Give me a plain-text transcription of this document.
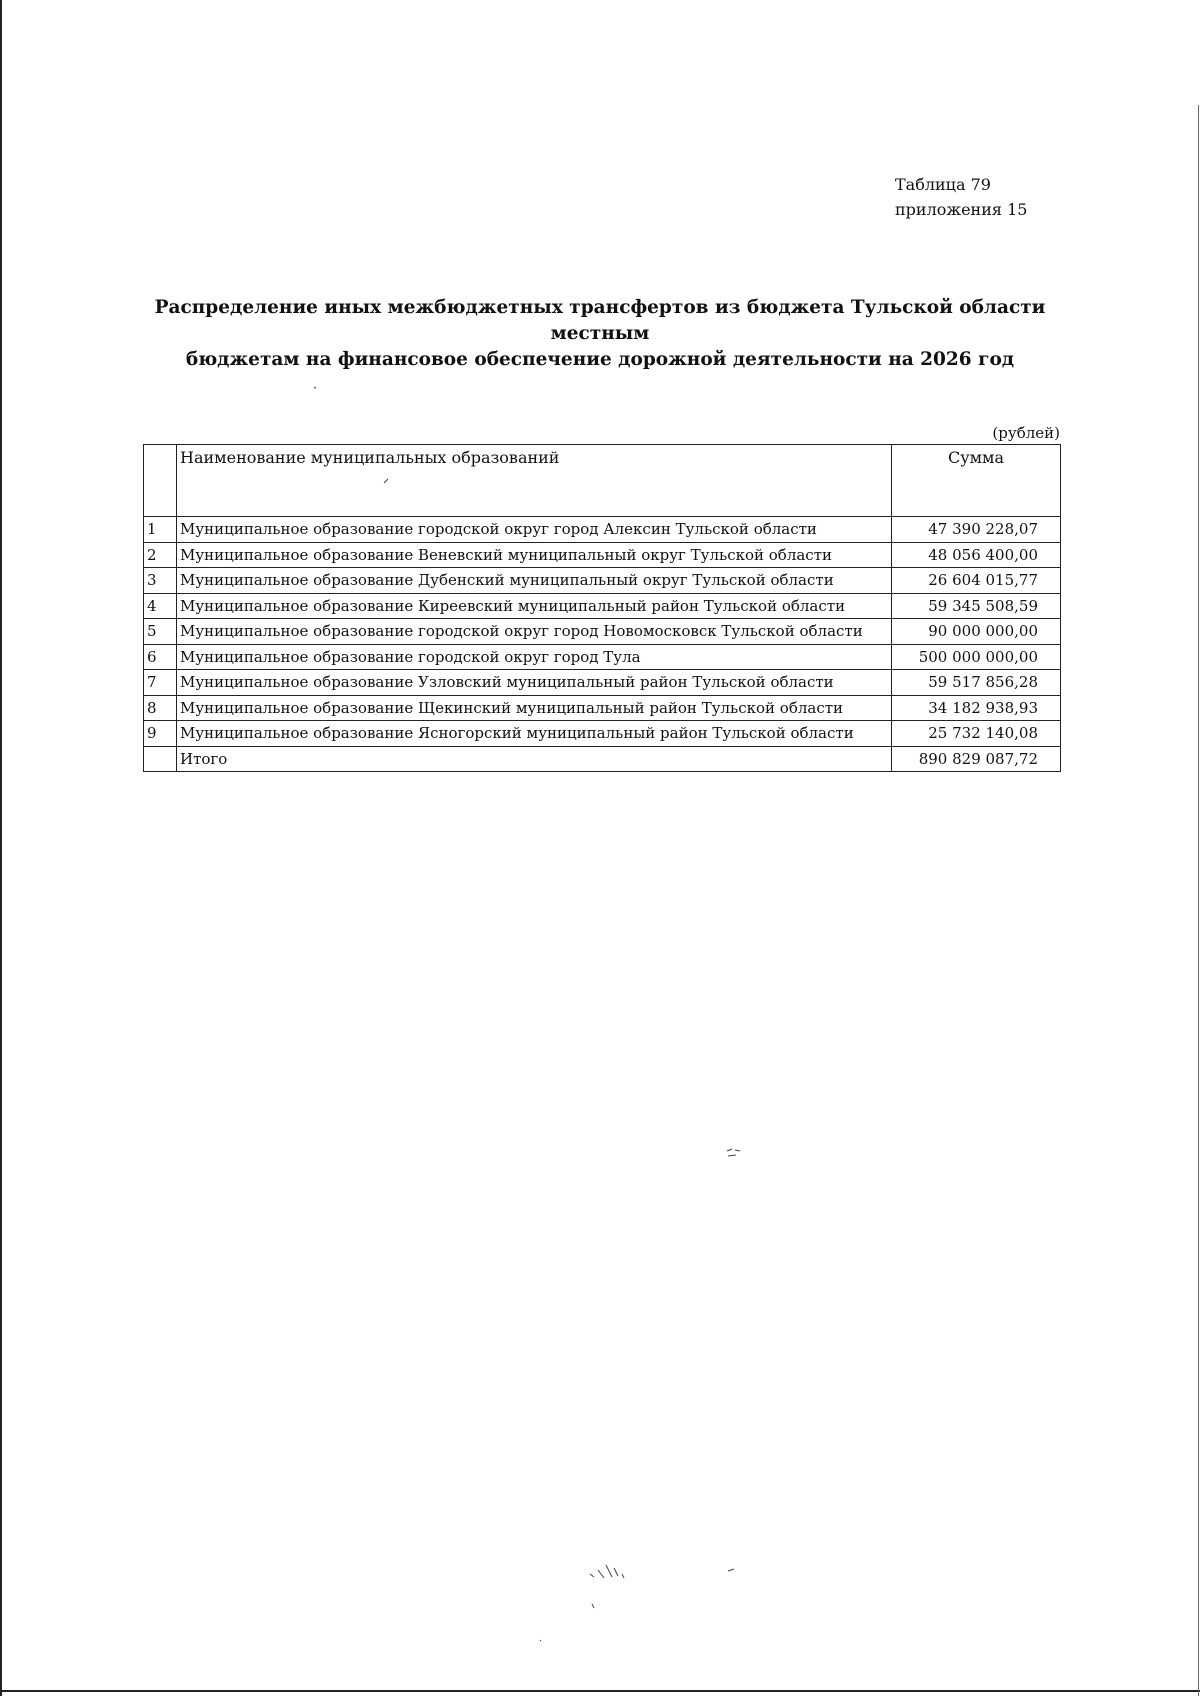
Таблица 79
приложения 15
Распределение иных межбюджетных трансфертов из бюджета Тульской области местным
бюджетам на финансовое обеспечение дорожной деятельности на 2026 год
·
(рублей)
	Наименование муниципальных образований	Сумма
1	Муниципальное образование городской округ город Алексин Тульской области	47 390 228,07
2	Муниципальное образование Веневский муниципальный округ Тульской области	48 056 400,00
3	Муниципальное образование Дубенский муниципальный округ Тульской области	26 604 015,77
4	Муниципальное образование Киреевский муниципальный район Тульской области	59 345 508,59
5	Муниципальное образование городской округ город Новомосковск Тульской области	90 000 000,00
6	Муниципальное образование городской округ город Тула	500 000 000,00
7	Муниципальное образование Узловский муниципальный район Тульской области	59 517 856,28
8	Муниципальное образование Щекинский муниципальный район Тульской области	34 182 938,93
9	Муниципальное образование Ясногорский муниципальный район Тульской области	25 732 140,08
	Итого	890 829 087,72
